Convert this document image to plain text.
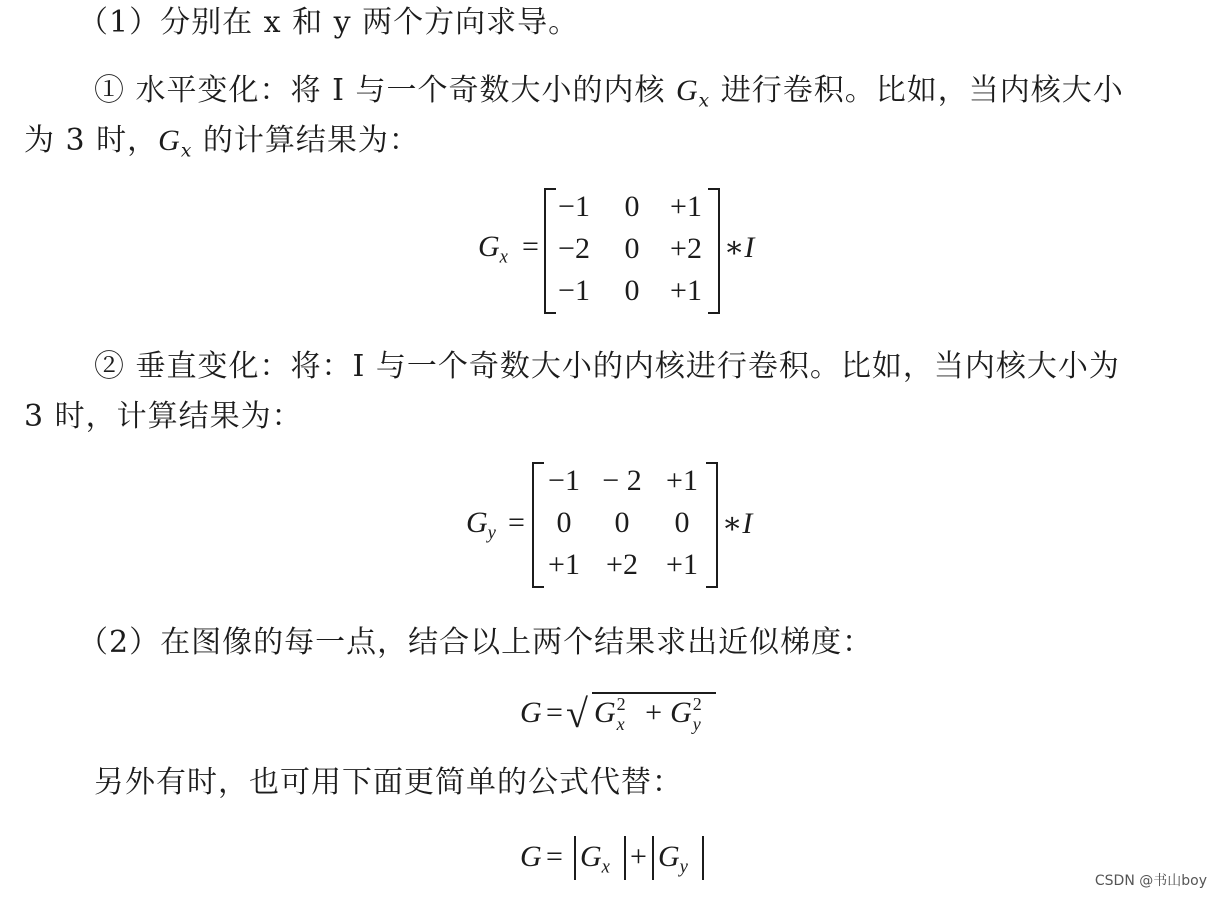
（1）分别在 x 和 y 两个方向求导。
① 水平变化：将 I 与一个奇数大小的内核 $G_x$ 进行卷积。比如，当内核大小
为 3 时，$G_x$ 的计算结果为：
$G_x$ =
−1	0	+1
−2	0	+2
−1	0	+1
∗I
② 垂直变化：将：I 与一个奇数大小的内核进行卷积。比如，当内核大小为
3 时，计算结果为：
$G_y$ =
−1 − 2 +1
0	0	0
+1 +2 +1
∗I
（2）在图像的每一点，结合以上两个结果求出近似梯度：
G = √ G 2
x + G 2
y
另外有时，也可用下面更简单的公式代替：
$G = G_x + G_y$
CSDN @书山boy
